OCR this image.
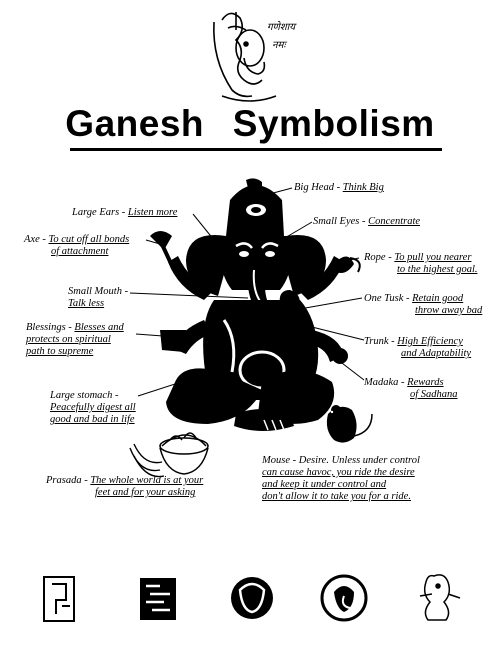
गणेशाय
नमः
Ganesh Symbolism
Big Head - Think Big
Large Ears - Listen more
Small Eyes - Concentrate
Axe - To cut off all bonds
of attachment
Rope - To pull you nearer
to the highest goal.
Small Mouth -
Talk less	One Tusk - Retain good
throw away bad
Blessings - Blesses and
protects on spiritual
path to supreme
Trunk - High Efficiency
and Adaptability
Madaka - Rewards
of Sadhana
Large stomach -
Peacefully digest all
good and bad in life
Mouse - Desire. Unless under control
can cause havoc, you ride the desire
and keep it under control and
don't allow it to take you for a ride.
Prasada - The whole world is at your
feet and for your asking
